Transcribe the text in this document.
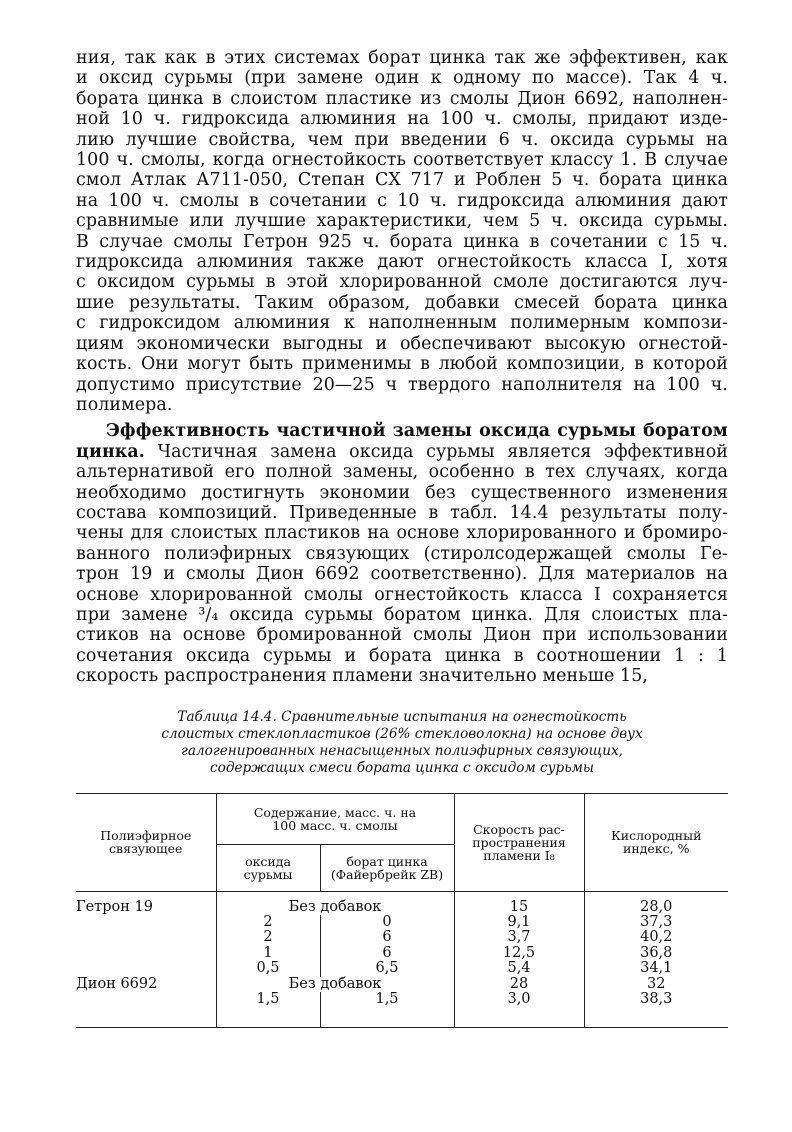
ния, так как в этих системах борат цинка так же эффективен, как
и оксид сурьмы (при замене один к одному по массе). Так 4 ч.
бората цинка в слоистом пластике из смолы Дион 6692, наполнен-
ной 10 ч. гидроксида алюминия на 100 ч. смолы, придают изде-
лию лучшие свойства, чем при введении 6 ч. оксида сурьмы на
100 ч. смолы, когда огнестойкость соответствует классу 1. В случае
смол Атлак А711-050, Степан СХ 717 и Роблен 5 ч. бората цинка
на 100 ч. смолы в сочетании с 10 ч. гидроксида алюминия дают
сравнимые или лучшие характеристики, чем 5 ч. оксида сурьмы.
В случае смолы Гетрон 925 ч. бората цинка в сочетании с 15 ч.
гидроксида алюминия также дают огнестойкость класса I, хотя
с оксидом сурьмы в этой хлорированной смоле достигаются луч-
шие результаты. Таким образом, добавки смесей бората цинка
с гидроксидом алюминия к наполненным полимерным компози-
циям экономически выгодны и обеспечивают высокую огнестой-
кость. Они могут быть применимы в любой композиции, в которой
допустимо присутствие 20—25 ч твердого наполнителя на 100 ч.
полимера.
Эффективность частичной замены оксида сурьмы боратом
цинка. Частичная замена оксида сурьмы является эффективной
альтернативой его полной замены, особенно в тех случаях, когда
необходимо достигнуть экономии без существенного изменения
состава композиций. Приведенные в табл. 14.4 результаты полу-
чены для слоистых пластиков на основе хлорированного и бромиро-
ванного полиэфирных связующих (стиролсодержащей смолы Ге-
трон 19 и смолы Дион 6692 соответственно). Для материалов на
основе хлорированной смолы огнестойкость класса I сохраняется
при замене ³/₄ оксида сурьмы боратом цинка. Для слоистых пла-
стиков на основе бромированной смолы Дион при использовании
сочетания оксида сурьмы и бората цинка в соотношении 1 : 1
скорость распространения пламени значительно меньше 15,
Таблица 14.4. Сравнительные испытания на огнестойкость
слоистых стеклопластиков (26% стекловолокна) на основе двух
галогенированных ненасыщенных полиэфирных связующих,
содержащих смеси бората цинка с оксидом сурьмы
Полиэфирное связующее	Содержание, масс. ч. на 100 масс. ч. смолы		Скорость рас- пространения пламени I₈	Кислородный индекс, %
	оксида сурьмы	борат цинка (Файербрейк ZB)		
Гетрон 19	Без добавок		15	28,0
	2	0	9,1	37,3
	2	6	3,7	40,2
	1	6	12,5	36,8
	0,5	6,5	5,4	34,1
Дион 6692	Без добавок		28	32
	1,5	1,5	3,0	38,3
